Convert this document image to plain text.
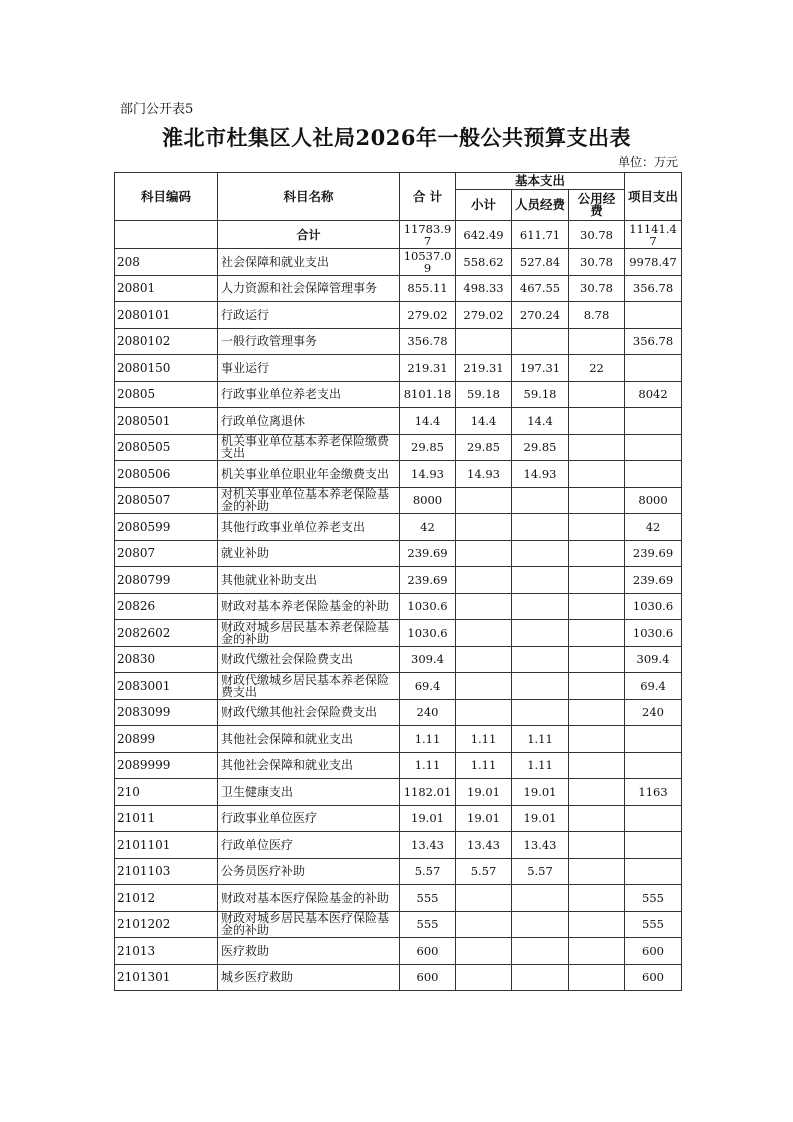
部门公开表5
淮北市杜集区人社局2026年一般公共预算支出表
单位：万元
科目编码	科目名称	合 计	基本支出			项目支出
			小计	人员经费	公用经费	
	合计	11783.97	642.49	611.71	30.78	11141.47
208	社会保障和就业支出	10537.09	558.62	527.84	30.78	9978.47
20801	人力资源和社会保障管理事务	855.11	498.33	467.55	30.78	356.78
2080101	行政运行	279.02	279.02	270.24	8.78	
2080102	一般行政管理事务	356.78				356.78
2080150	事业运行	219.31	219.31	197.31	22	
20805	行政事业单位养老支出	8101.18	59.18	59.18		8042
2080501	行政单位离退休	14.4	14.4	14.4		
2080505	机关事业单位基本养老保险缴费支出	29.85	29.85	29.85		
2080506	机关事业单位职业年金缴费支出	14.93	14.93	14.93		
2080507	对机关事业单位基本养老保险基金的补助	8000				8000
2080599	其他行政事业单位养老支出	42				42
20807	就业补助	239.69				239.69
2080799	其他就业补助支出	239.69				239.69
20826	财政对基本养老保险基金的补助	1030.6				1030.6
2082602	财政对城乡居民基本养老保险基金的补助	1030.6				1030.6
20830	财政代缴社会保险费支出	309.4				309.4
2083001	财政代缴城乡居民基本养老保险费支出	69.4				69.4
2083099	财政代缴其他社会保险费支出	240				240
20899	其他社会保障和就业支出	1.11	1.11	1.11		
2089999	其他社会保障和就业支出	1.11	1.11	1.11		
210	卫生健康支出	1182.01	19.01	19.01		1163
21011	行政事业单位医疗	19.01	19.01	19.01		
2101101	行政单位医疗	13.43	13.43	13.43		
2101103	公务员医疗补助	5.57	5.57	5.57		
21012	财政对基本医疗保险基金的补助	555				555
2101202	财政对城乡居民基本医疗保险基金的补助	555				555
21013	医疗救助	600				600
2101301	城乡医疗救助	600				600
